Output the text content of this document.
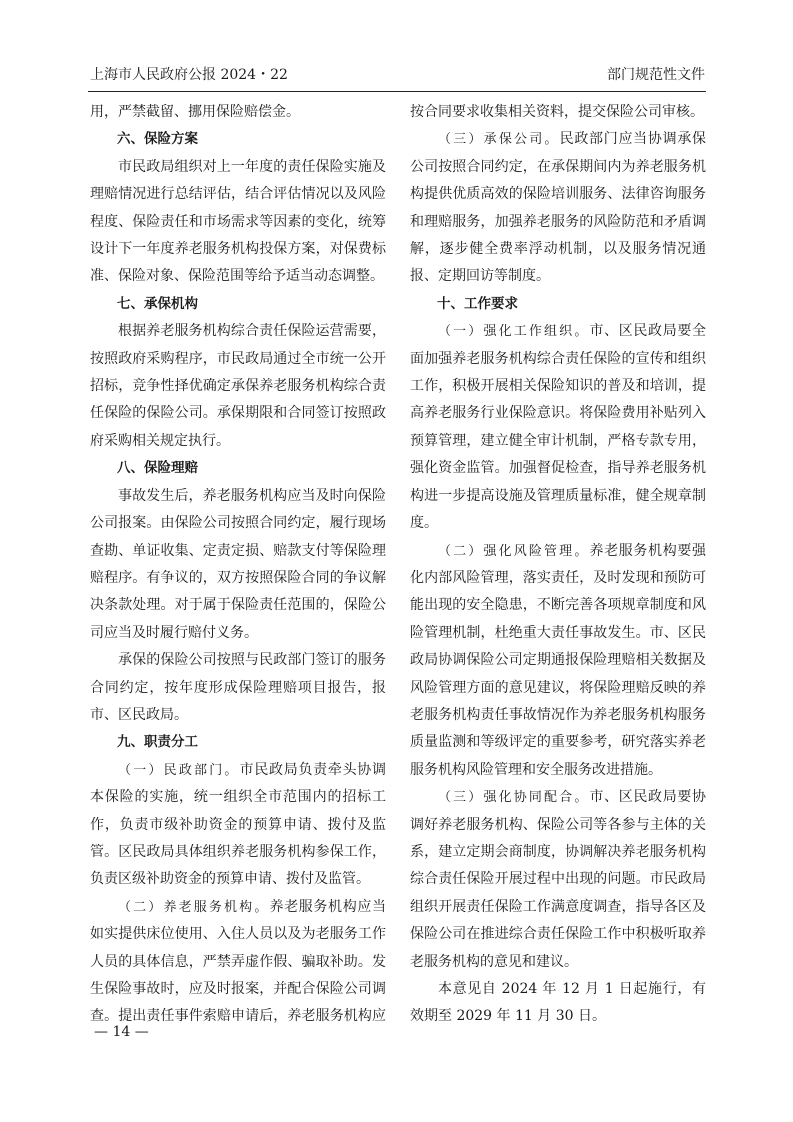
上海市人民政府公报 2024・22	部门规范性文件

用，严禁截留、挪用保险赔偿金。

六、保险方案

市民政局组织对上一年度的责任保险实施及理赔情况进行总结评估，结合评估情况以及风险程度、保险责任和市场需求等因素的变化，统筹设计下一年度养老服务机构投保方案，对保费标准、保险对象、保险范围等给予适当动态调整。

七、承保机构

根据养老服务机构综合责任保险运营需要，按照政府采购程序，市民政局通过全市统一公开招标，竞争性择优确定承保养老服务机构综合责任保险的保险公司。承保期限和合同签订按照政府采购相关规定执行。

八、保险理赔

事故发生后，养老服务机构应当及时向保险公司报案。由保险公司按照合同约定，履行现场查勘、单证收集、定责定损、赔款支付等保险理赔程序。有争议的，双方按照保险合同的争议解决条款处理。对于属于保险责任范围的，保险公司应当及时履行赔付义务。

承保的保险公司按照与民政部门签订的服务合同约定，按年度形成保险理赔项目报告，报市、区民政局。

九、职责分工

（一）民政部门。市民政局负责牵头协调本保险的实施，统一组织全市范围内的招标工作，负责市级补助资金的预算申请、拨付及监管。区民政局具体组织养老服务机构参保工作，负责区级补助资金的预算申请、拨付及监管。

（二）养老服务机构。养老服务机构应当如实提供床位使用、入住人员以及为老服务工作人员的具体信息，严禁弄虚作假、骗取补助。发生保险事故时，应及时报案，并配合保险公司调查。提出责任事件索赔申请后，养老服务机构应

按合同要求收集相关资料，提交保险公司审核。

（三）承保公司。民政部门应当协调承保公司按照合同约定，在承保期间内为养老服务机构提供优质高效的保险培训服务、法律咨询服务和理赔服务，加强养老服务的风险防范和矛盾调解，逐步健全费率浮动机制，以及服务情况通报、定期回访等制度。

十、工作要求

（一）强化工作组织。市、区民政局要全面加强养老服务机构综合责任保险的宣传和组织工作，积极开展相关保险知识的普及和培训，提高养老服务行业保险意识。将保险费用补贴列入预算管理，建立健全审计机制，严格专款专用，强化资金监管。加强督促检查，指导养老服务机构进一步提高设施及管理质量标准，健全规章制度。

（二）强化风险管理。养老服务机构要强化内部风险管理，落实责任，及时发现和预防可能出现的安全隐患，不断完善各项规章制度和风险管理机制，杜绝重大责任事故发生。市、区民政局协调保险公司定期通报保险理赔相关数据及风险管理方面的意见建议，将保险理赔反映的养老服务机构责任事故情况作为养老服务机构服务质量监测和等级评定的重要参考，研究落实养老服务机构风险管理和安全服务改进措施。

（三）强化协同配合。市、区民政局要协调好养老服务机构、保险公司等各参与主体的关系，建立定期会商制度，协调解决养老服务机构综合责任保险开展过程中出现的问题。市民政局组织开展责任保险工作满意度调查，指导各区及保险公司在推进综合责任保险工作中积极听取养老服务机构的意见和建议。

本意见自 2024 年 12 月 1 日起施行，有效期至 2029 年 11 月 30 日。

— 14 —
